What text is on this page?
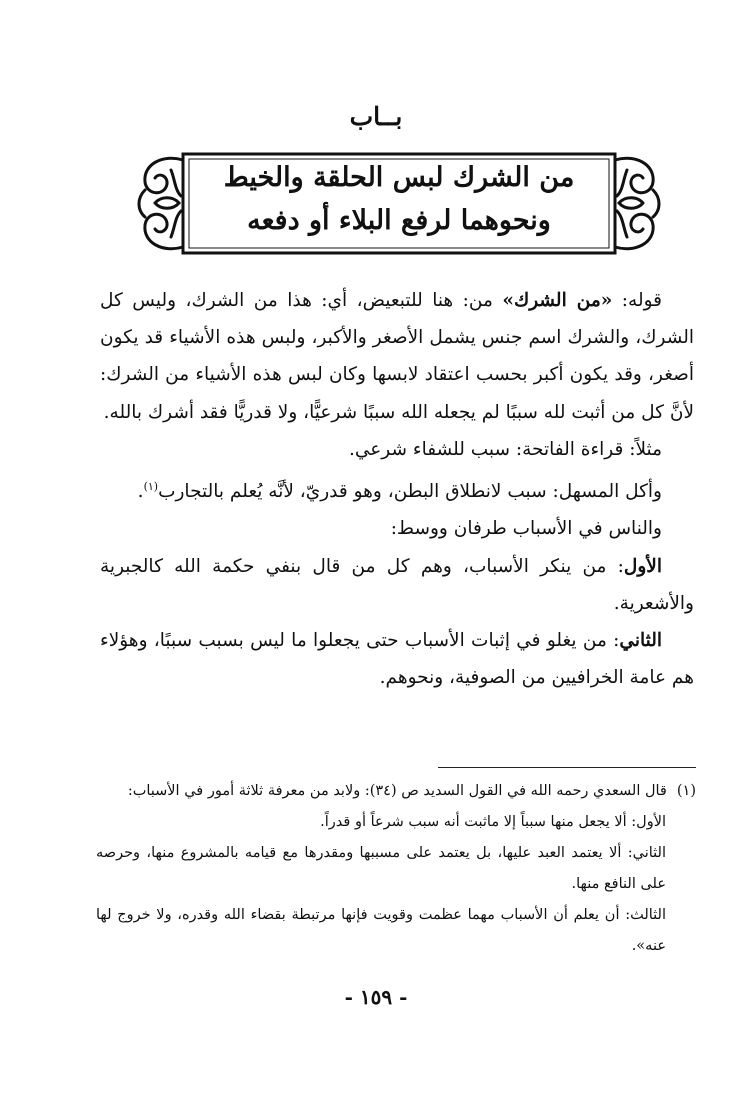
بــاب
من الشرك لبس الحلقة والخيط
ونحوهما لرفع البلاء أو دفعه

قوله: «من الشرك» من: هنا للتبعيض، أي: هذا من الشرك، وليس كل الشرك، والشرك اسم جنس يشمل الأصغر والأكبر، ولبس هذه الأشياء قد يكون أصغر، وقد يكون أكبر بحسب اعتقاد لابسها وكان لبس هذه الأشياء من الشرك: لأنَّ كل من أثبت لله سببًا لم يجعله الله سببًا شرعيًّا، ولا قدريًّا فقد أشرك بالله.

مثلاً: قراءة الفاتحة: سبب للشفاء شرعي.

وأكل المسهل: سبب لانطلاق البطن، وهو قدريّ، لأنَّه يُعلم بالتجارب$^{(١)}$.

والناس في الأسباب طرفان ووسط:

الأول: من ينكر الأسباب، وهم كل من قال بنفي حكمة الله كالجبرية والأشعرية.

الثاني: من يغلو في إثبات الأسباب حتى يجعلوا ما ليس بسبب سببًا، وهؤلاء هم عامة الخرافيين من الصوفية، ونحوهم.

(١)قال السعدي رحمه الله في القول السديد ص (٣٤): ولابد من معرفة ثلاثة أمور في الأسباب:

الأول: ألا يجعل منها سبباً إلا ماثبت أنه سبب شرعاً أو قدراً.

الثاني: ألا يعتمد العبد عليها، بل يعتمد على مسببها ومقدرها مع قيامه بالمشروع منها، وحرصه على النافع منها.

الثالث: أن يعلم أن الأسباب مهما عظمت وقويت فإنها مرتبطة بقضاء الله وقدره، ولا خروج لها عنه».

- ١٥٩ -
